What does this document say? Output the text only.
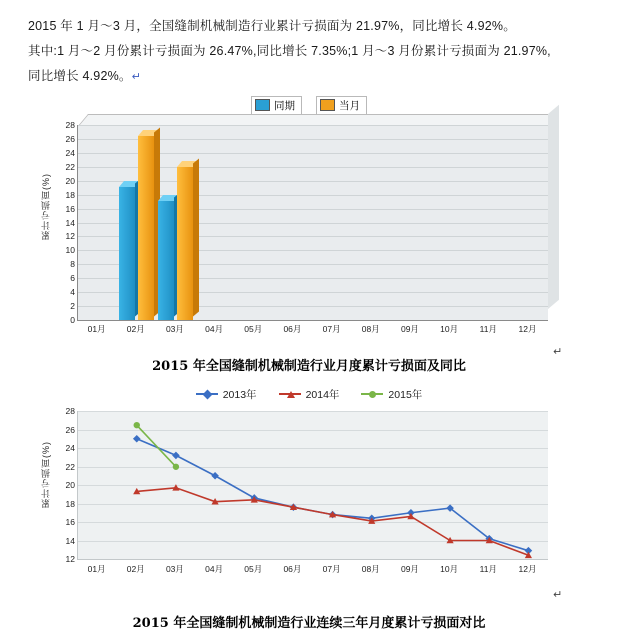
2015 年 1 月～3 月，全国缝制机械制造行业累计亏损面为 21.97%，同比增长 4.92%。
其中:1 月～2 月份累计亏损面为 26.47%,同比增长 7.35%;1 月～3 月份累计亏损面为 21.97%,
同比增长 4.92%。↵
同期	当月
累计亏损面(%)
0
2
4
6
8
10
12
14
16
18
20
22
24
26
28
01月	02月	03月	04月	05月	06月	07月	08月	09月	10月	11月	12月
2015 年全国缝制机械制造行业月度累计亏损面及同比
↵
2013年	2014年	2015年
累计亏损面(%)
12
14
16
18
20
22
24
26
28
01月	02月	03月	04月	05月	06月	07月	08月	09月	10月	11月	12月
2015 年全国缝制机械制造行业连续三年月度累计亏损面对比
↵
